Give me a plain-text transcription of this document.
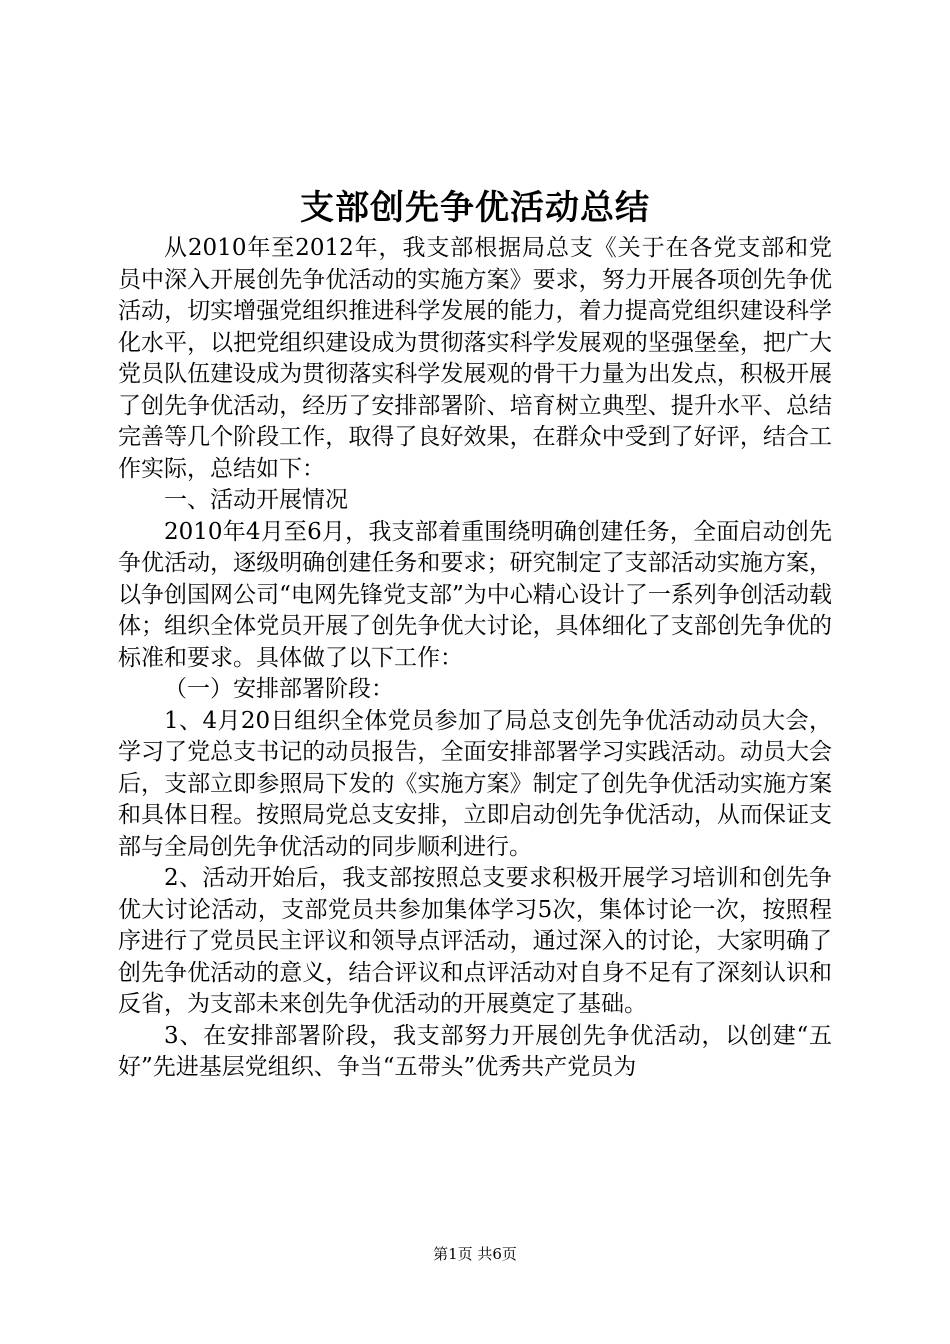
支部创先争优活动总结

从2010年至2012年，我支部根据局总支《关于在各党支部和党员中深入开展创先争优活动的实施方案》要求，努力开展各项创先争优活动，切实增强党组织推进科学发展的能力，着力提高党组织建设科学化水平，以把党组织建设成为贯彻落实科学发展观的坚强堡垒，把广大党员队伍建设成为贯彻落实科学发展观的骨干力量为出发点，积极开展了创先争优活动，经历了安排部署阶、培育树立典型、提升水平、总结完善等几个阶段工作，取得了良好效果，在群众中受到了好评，结合工作实际，总结如下：

一、活动开展情况

2010年4月至6月，我支部着重围绕明确创建任务，全面启动创先争优活动，逐级明确创建任务和要求；研究制定了支部活动实施方案，以争创国网公司“电网先锋党支部”为中心精心设计了一系列争创活动载体；组织全体党员开展了创先争优大讨论，具体细化了支部创先争优的标准和要求。具体做了以下工作：

（一）安排部署阶段：

1、4月20日组织全体党员参加了局总支创先争优活动动员大会，学习了党总支书记的动员报告，全面安排部署学习实践活动。动员大会后，支部立即参照局下发的《实施方案》制定了创先争优活动实施方案和具体日程。按照局党总支安排，立即启动创先争优活动，从而保证支部与全局创先争优活动的同步顺利进行。

2、活动开始后，我支部按照总支要求积极开展学习培训和创先争优大讨论活动，支部党员共参加集体学习5次，集体讨论一次，按照程序进行了党员民主评议和领导点评活动，通过深入的讨论，大家明确了创先争优活动的意义，结合评议和点评活动对自身不足有了深刻认识和反省，为支部未来创先争优活动的开展奠定了基础。

3、在安排部署阶段，我支部努力开展创先争优活动，以创建“五好”先进基层党组织、争当“五带头”优秀共产党员为

第1页 共6页
